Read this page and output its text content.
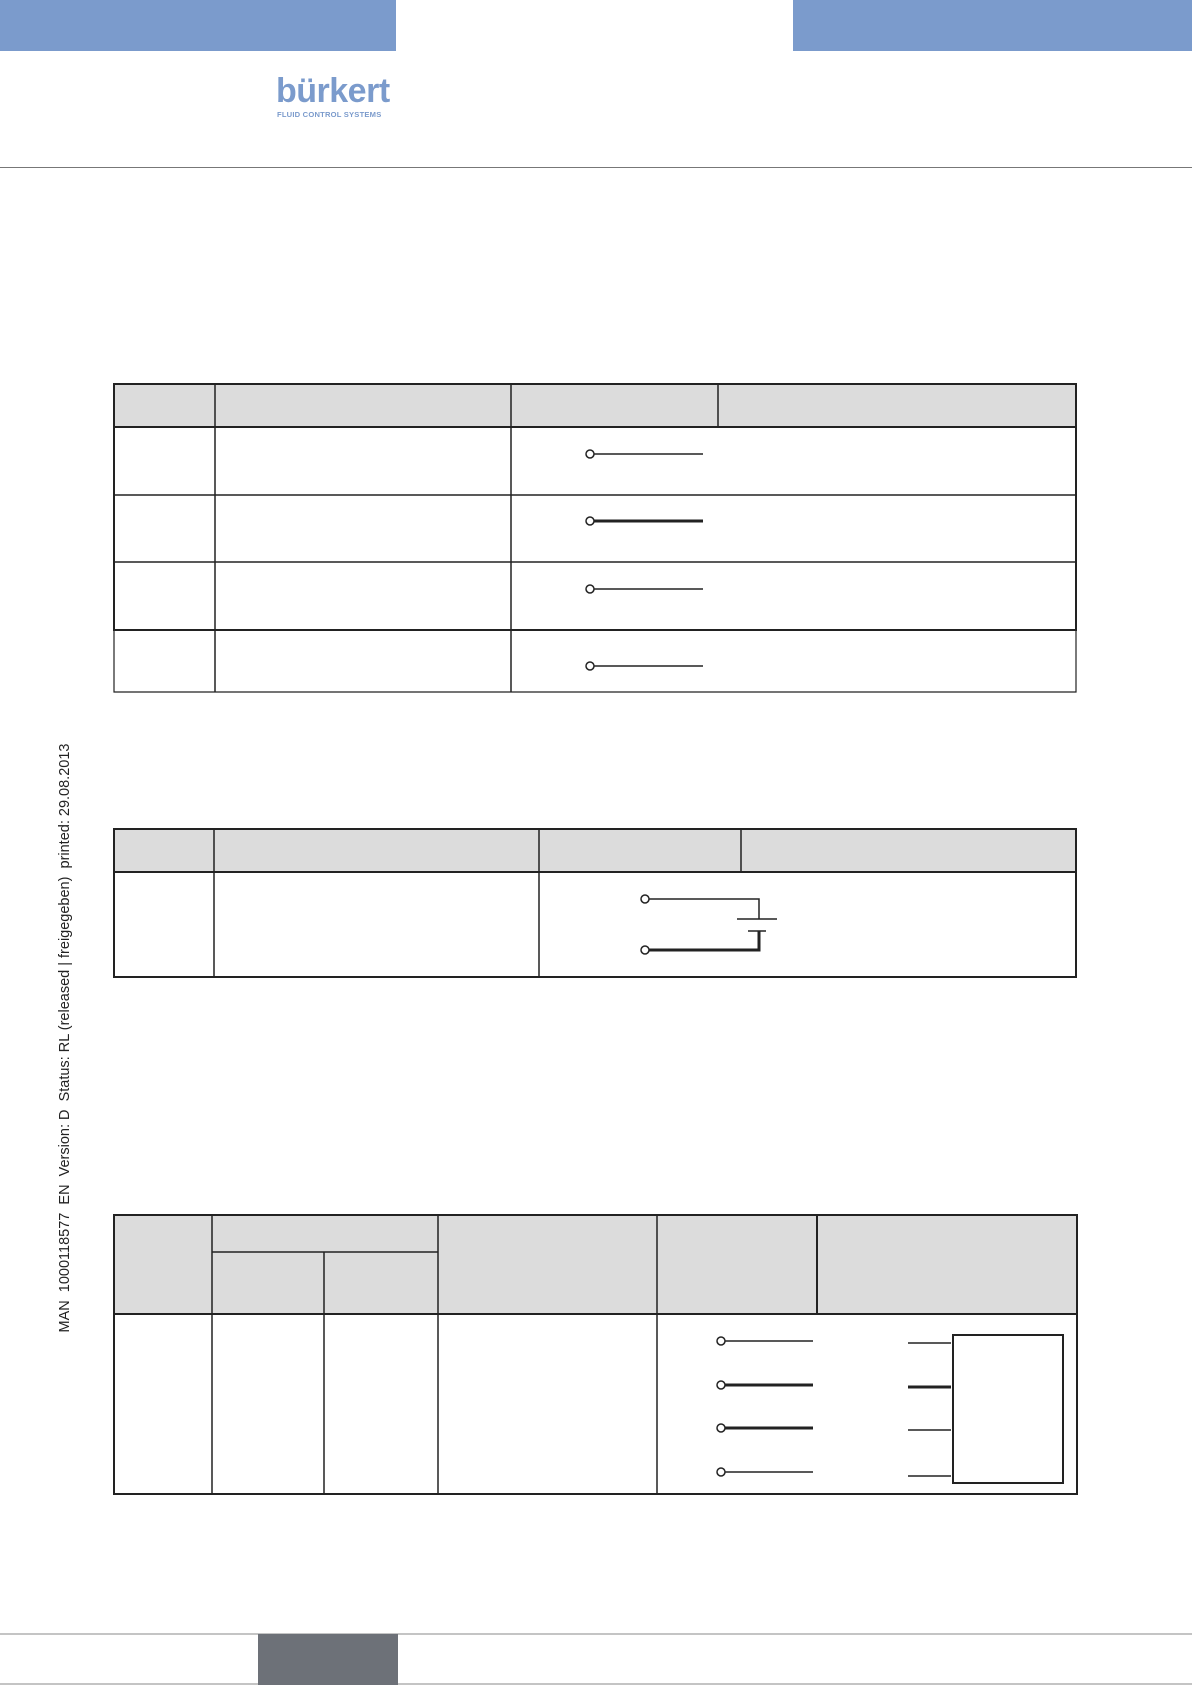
bürkert
FLUID CONTROL SYSTEMS
MAN  1000118577  EN  Version: D  Status: RL (released | freigegeben)  printed: 29.08.2013
